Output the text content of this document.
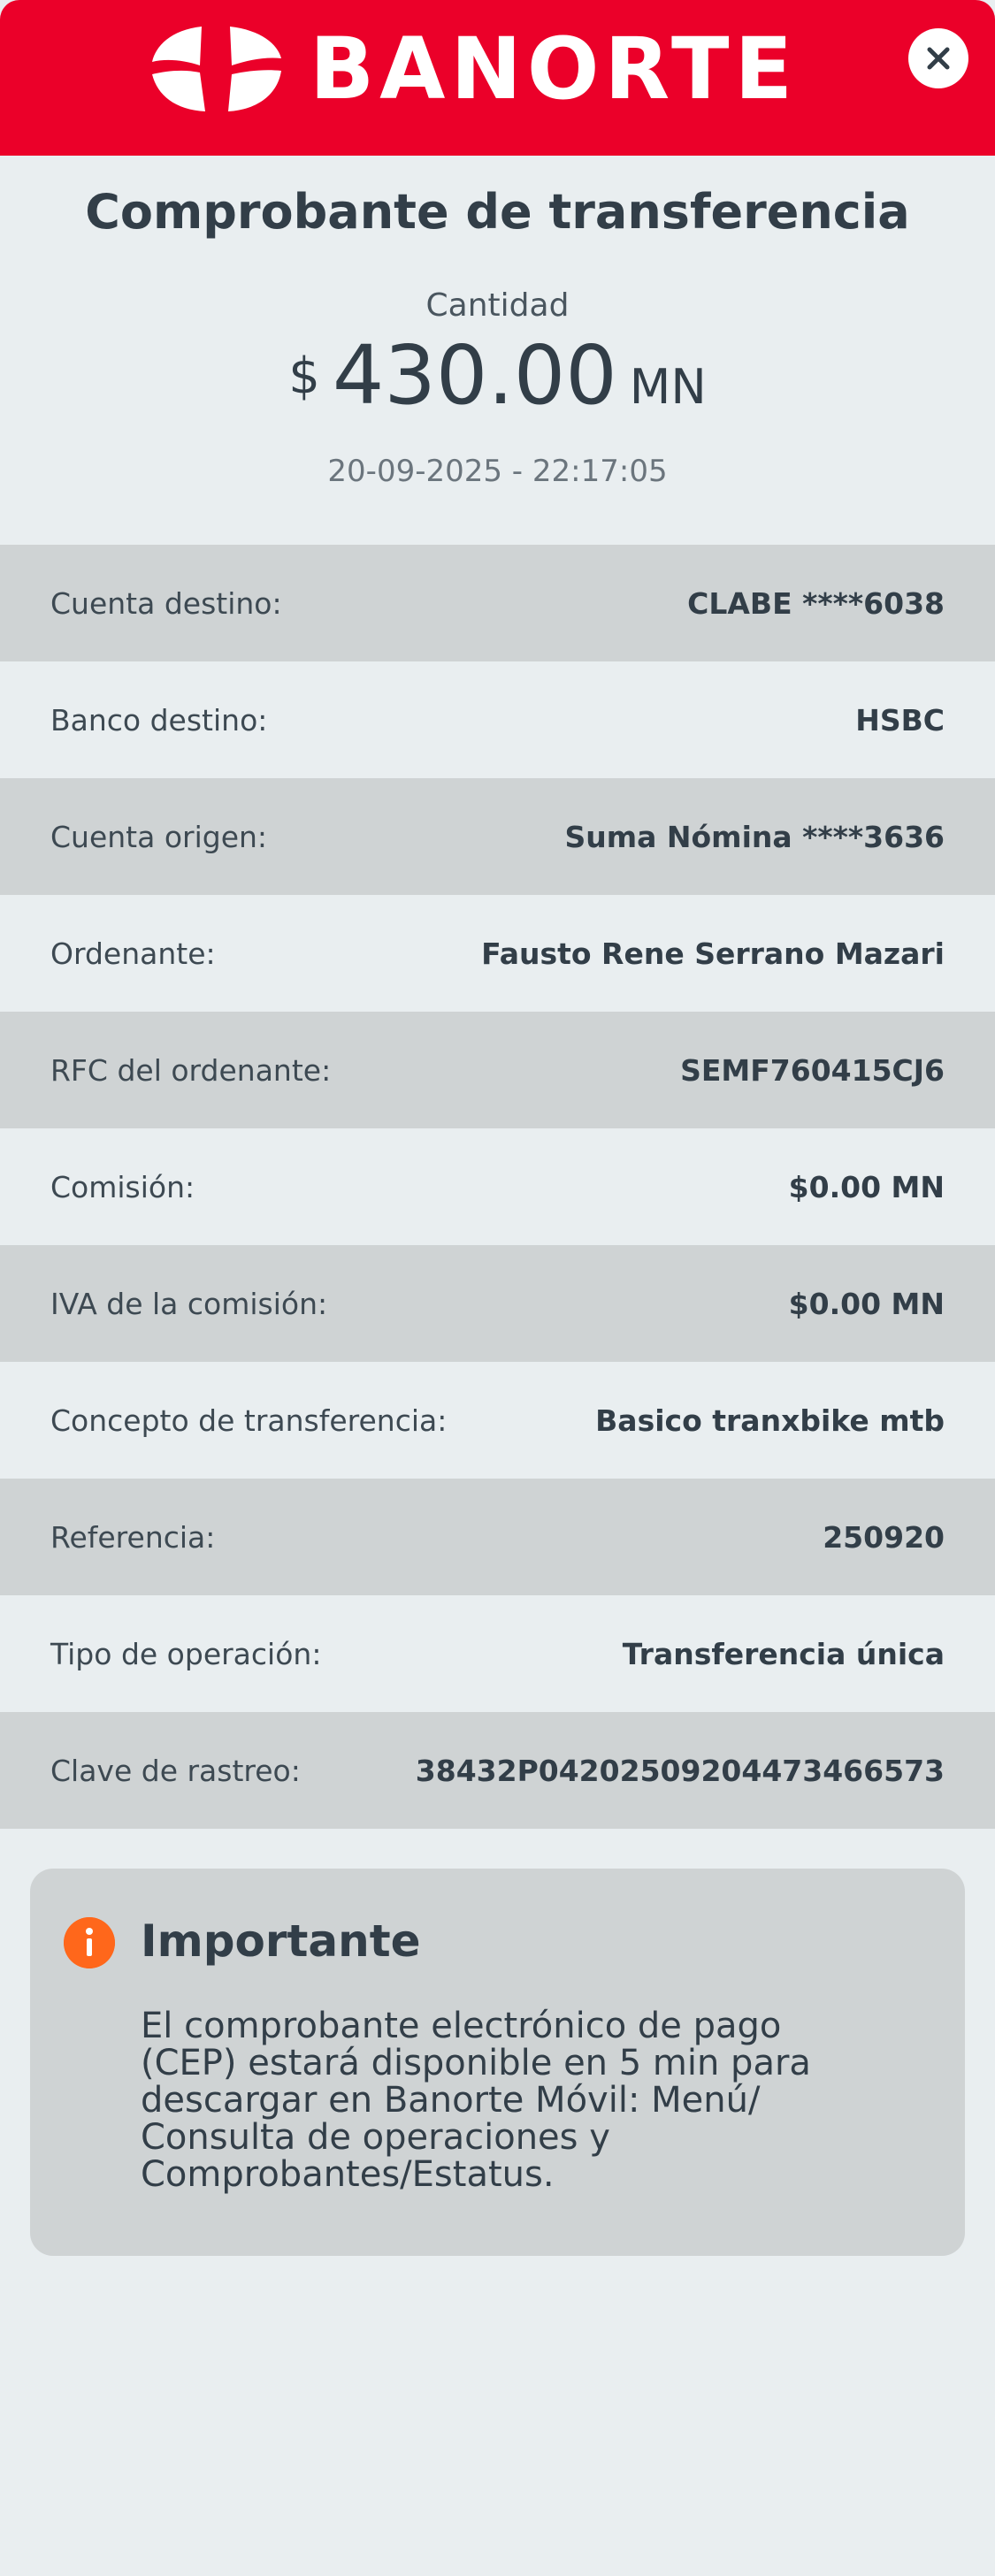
BANORTE
Comprobante de transferencia
Cantidad
$ 430.00 MN
20-09-2025 - 22:17:05
Cuenta destino:	CLABE ****6038
Banco destino:	HSBC
Cuenta origen:	Suma Nómina ****3636
Ordenante:	Fausto Rene Serrano Mazari
RFC del ordenante:	SEMF760415CJ6
Comisión:	$0.00 MN
IVA de la comisión:	$0.00 MN
Concepto de transferencia:	Basico tranxbike mtb
Referencia:	250920
Tipo de operación:	Transferencia única
Clave de rastreo:	38432P04202509204473466573
Importante
El comprobante electrónico de pago
(CEP) estará disponible en 5 min para
descargar en Banorte Móvil: Menú/
Consulta de operaciones y
Comprobantes/Estatus.
